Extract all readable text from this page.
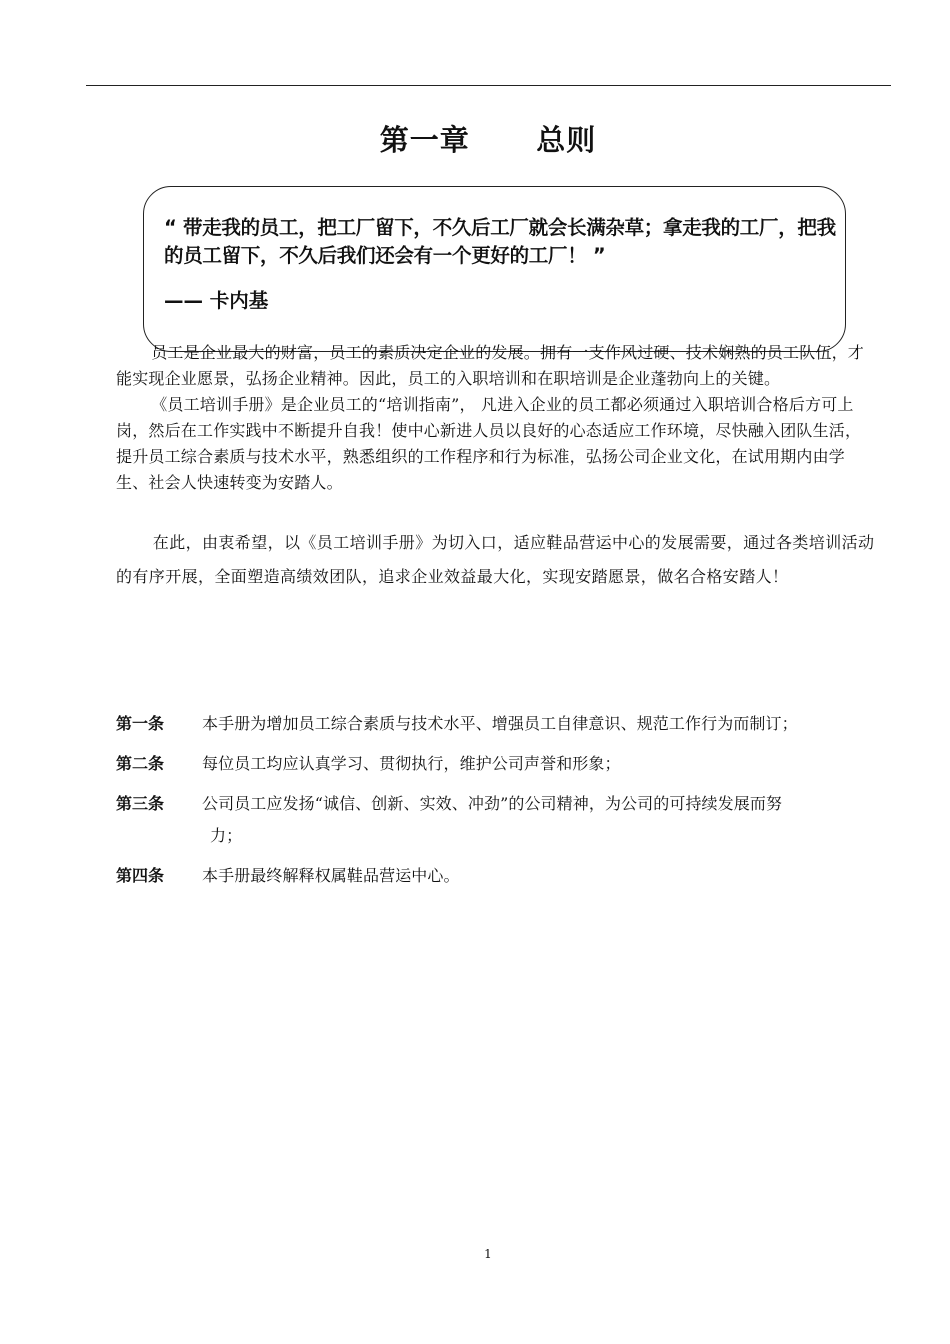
第一章      总则
“ 带走我的员工，把工厂留下，不久后工厂就会长满杂草；拿走我的工厂，把我的员工留下，不久后我们还会有一个更好的工厂！ ”
—— 卡内基

员工是企业最大的财富，员工的素质决定企业的发展。拥有一支作风过硬、技术娴熟的员工队伍，才能实现企业愿景，弘扬企业精神。因此，员工的入职培训和在职培训是企业蓬勃向上的关键。

《员工培训手册》是企业员工的“培训指南”， 凡进入企业的员工都必须通过入职培训合格后方可上岗，然后在工作实践中不断提升自我！使中心新进人员以良好的心态适应工作环境，尽快融入团队生活，提升员工综合素质与技术水平，熟悉组织的工作程序和行为标准，弘扬公司企业文化，在试用期内由学生、社会人快速转变为安踏人。

在此，由衷希望，以《员工培训手册》为切入口，适应鞋品营运中心的发展需要，通过各类培训活动的有序开展，全面塑造高绩效团队，追求企业效益最大化，实现安踏愿景，做名合格安踏人！

第一条	本手册为增加员工综合素质与技术水平、增强员工自律意识、规范工作行为而制订；
第二条	每位员工均应认真学习、贯彻执行，维护公司声誉和形象；
第三条	公司员工应发扬“诚信、创新、实效、冲劲”的公司精神，为公司的可持续发展而努
力；
第四条	本手册最终解释权属鞋品营运中心。
1
